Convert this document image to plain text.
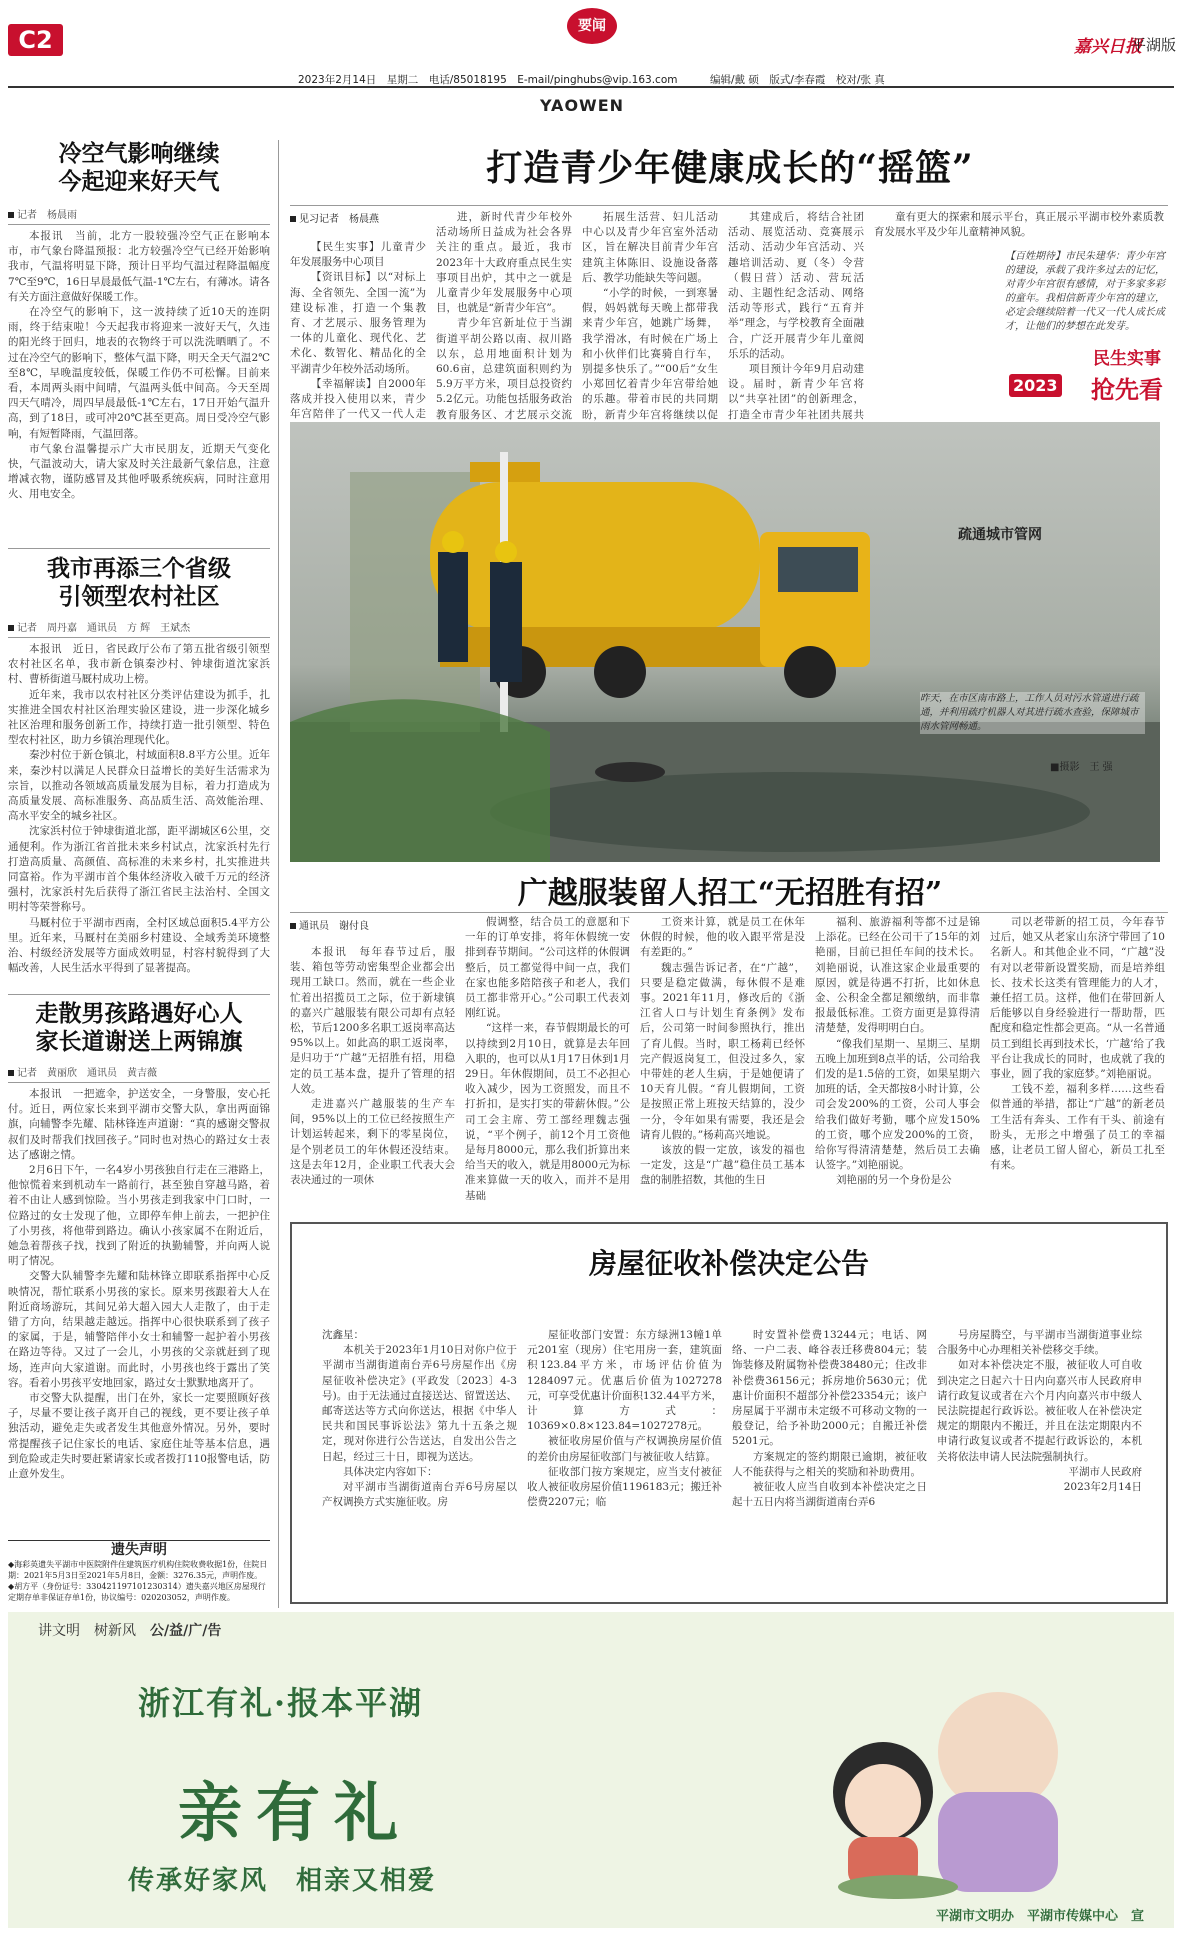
C2	要闻
嘉兴日报
平湖版
2023年2月14日　星期二　电话/85018195　E-mail/pinghubs@vip.163.com	编辑/戴 硕　版式/李春霞　校对/张 真
YAOWEN
冷空气影响继续
今起迎来好天气
记者　杨晨雨

本报讯　当前，北方一股较强冷空气正在影响本市，市气象台降温预报：北方较强冷空气已经开始影响我市，气温将明显下降，预计日平均气温过程降温幅度7℃至9℃，16日早晨最低气温-1℃左右，有薄冰。请各有关方面注意做好保暖工作。

在冷空气的影响下，这一波持续了近10天的连阴雨，终于结束啦！今天起我市将迎来一波好天气，久违的阳光终于回归，地表的衣物终于可以洗洗晒晒了。不过在冷空气的影响下，整体气温下降，明天全天气温2℃至8℃，早晚温度较低，保暖工作仍不可松懈。目前来看，本周两头雨中间晴，气温两头低中间高。今天至周四天气晴冷，周四早晨最低-1℃左右，17日开始气温升高，到了18日，或可冲20℃甚至更高。周日受冷空气影响，有短暂降雨，气温回落。

市气象台温馨提示广大市民朋友，近期天气变化快，气温波动大，请大家及时关注最新气象信息，注意增减衣物，谨防感冒及其他呼吸系统疾病，同时注意用火、用电安全。

我市再添三个省级
引领型农村社区
记者　周丹嘉　通讯员　方 辉　王斌杰

本报讯　近日，省民政厅公布了第五批省级引领型农村社区名单，我市新仓镇秦沙村、钟埭街道沈家浜村、曹桥街道马厩村成功上榜。

近年来，我市以农村社区分类评估建设为抓手，扎实推进全国农村社区治理实验区建设，进一步深化城乡社区治理和服务创新工作，持续打造一批引领型、特色型农村社区，助力乡镇治理现代化。

秦沙村位于新仓镇北，村域面积8.8平方公里。近年来，秦沙村以满足人民群众日益增长的美好生活需求为宗旨，以推动各领域高质量发展为目标，着力打造成为高质量发展、高标准服务、高品质生活、高效能治理、高水平安全的城乡社区。

沈家浜村位于钟埭街道北部，距平湖城区6公里，交通便利。作为浙江省首批未来乡村试点，沈家浜村先行打造高质量、高颜值、高标准的未来乡村，扎实推进共同富裕。作为平湖市首个集体经济收入破千万元的经济强村，沈家浜村先后获得了浙江省民主法治村、全国文明村等荣誉称号。

马厩村位于平湖市西南，全村区域总面积5.4平方公里。近年来，马厩村在美丽乡村建设、全域秀美环境整治、村级经济发展等方面成效明显，村容村貌得到了大幅改善，人民生活水平得到了显著提高。

走散男孩路遇好心人
家长道谢送上两锦旗
记者　黄丽欣　通讯员　黄吉薇

本报讯　一把遮伞，护送安全，一身警服，安心托付。近日，两位家长来到平湖市交警大队，拿出两面锦旗，向辅警李先耀、陆林锋连声道谢：“真的感谢交警叔叔们及时帮我们找回孩子。”同时也对热心的路过女士表达了感谢之情。

2月6日下午，一名4岁小男孩独自行走在三港路上，他惊慌着来到机动车一路前行，甚至独自穿越马路，着着不由让人感到惊险。当小男孩走到我家中门口时，一位路过的女士发现了他，立即停车伸上前去，一把护住了小男孩，将他带到路边。确认小孩家属不在附近后，她急着帮孩子找，找到了附近的执勤辅警，并向两人说明了情况。

交警大队辅警李先耀和陆林锋立即联系指挥中心反映情况，帮忙联系小男孩的家长。原来男孩跟着大人在附近商场游玩，其间兄弟大超入园大人走散了，由于走错了方向，结果越走越远。指挥中心很快联系到了孩子的家属，于是，辅警陪伴小女士和辅警一起护着小男孩在路边等待。又过了一会儿，小男孩的父亲就赶到了现场，连声向大家道谢。而此时，小男孩也终于露出了笑容。看着小男孩平安地回家，路过女士默默地离开了。

市交警大队提醒，出门在外，家长一定要照顾好孩子，尽量不要让孩子离开自己的视线，更不要让孩子单独活动，避免走失或者发生其他意外情况。另外，要时常提醒孩子记住家长的电话、家庭住址等基本信息，遇到危险或走失时要赶紧请家长或者拨打110报警电话，防止意外发生。

遗失声明
◆海彩英遗失平湖市中医院附件住建筑医疗机构住院收费收据1份，住院日期：2021年5月3日至2021年5月8日，金额：3276.35元，声明作废。
◆胡方平（身份证号：330421197101230314）遗失嘉兴地区房屋现行定期存单非保证存单1份，协议编号：020203052，声明作废。
打造青少年健康成长的“摇篮”
见习记者　杨晨燕

【民生实事】儿童青少年发展服务中心项目

【资讯目标】以“对标上海、全省领先、全国一流”为建设标准，打造一个集教育、才艺展示、服务管理为一体的儿童化、现代化、艺术化、数智化、精品化的全平湖青少年校外活动场所。

【幸福解读】自2000年落成并投入使用以来，青少年宫陪伴了一代又一代人走

进，新时代青少年校外活动场所日益成为社会各界关注的重点。最近，我市2023年十大政府重点民生实事项目出炉，其中之一就是儿童青少年发展服务中心项目，也就是“新青少年宫”。

青少年宫新址位于当湖街道平胡公路以南、叔川路以东，总用地面积计划为60.6亩，总建筑面积则约为5.9万平方米，项目总投资约5.2亿元。功能包括服务政治教育服务区、才艺展示交流

拓展生活营、妇儿活动中心以及青少年宫室外活动区，旨在解决目前青少年宫建筑主体陈旧、设施设备落后、教学功能缺失等问题。

“小学的时候，一到寒暑假，妈妈就每天晚上都带我来青少年宫，她跳广场舞，我学滑冰，有时候在广场上和小伙伴们比赛骑自行车，别提多快乐了。”“00后”女生小郑回忆着青少年宫带给她的乐趣。带着市民的共同期盼，新青少年宫将继续以促

其建成后，将结合社团活动、展览活动、竞赛展示活动、活动少年宫活动、兴趣培训活动、夏（冬）令营（假日营）活动、营玩活动、主题性纪念活动、网络活动等形式，践行“五育并举”理念，与学校教育全面融合，广泛开展青少年儿童阅乐乐的活动。

项目预计今年9月启动建设。届时，新青少年宫将以“共享社团”的创新理念，打造全市青少年社团共展共

童有更大的探索和展示平台，真正展示平湖市校外素质教育发展水平及少年儿童精神风貌。

【百姓期待】市民朱建华：青少年宫的建设，承载了我许多过去的记忆，对青少年宫很有感情，对于多家多彩的童年。我相信新青少年宫的建立，必定会继续陪着一代又一代人成长成才，让他们的梦想在此发芽。
民生实事
2023 抢先看
疏通城市管网
昨天，在市区南市路上，工作人员对污水管道进行疏通，并利用疏疗机器人对其进行疏水查验，保障城市雨水管网畅通。
■摄影　王 强
广越服装留人招工“无招胜有招”
通讯员　谢付良

本报讯　每年春节过后，服装、箱包等劳动密集型企业都会出现用工缺口。然而，就在一些企业忙着出招揽员工之际，位于新埭镇的嘉兴广越服装有限公司却有点轻松，节后1200多名职工返岗率高达95%以上。如此高的职工返岗率，是归功于“广越”无招胜有招，用稳定的员工基本盘，提升了管理的招人效。

走进嘉兴广越服装的生产车间，95%以上的工位已经按照生产计划运转起来，剩下的零星岗位，是个别老员工的年休假还没结束。这是去年12月，企业职工代表大会表决通过的一项休

假调整，结合员工的意愿和下一年的订单安排，将年休假统一安排到春节期间。“公司这样的休假调整后，员工都觉得中间一点，我们在家也能多陪陪孩子和老人，我们员工都非常开心。”公司职工代表刘刚红说。

“这样一来，春节假期最长的可以持续到2月10日，就算是去年回入职的，也可以从1月17日休到1月29日。年休假期间，员工不必担心收入减少，因为工资照发，而且不打折扣，是实打实的带薪休假。”公司工会主席、劳工部经理魏志强说，“平个例子，前12个月工资他是每月8000元，那么我们折算出来给当天的收入，就是用8000元为标准来算做一天的收入，而并不是用基础

工资来计算，就是员工在休年休假的时候，他的收入跟平常是没有差距的。”

魏志强告诉记者，在“广越”，只要是稳定做满，每休假不是难事。2021年11月，修改后的《浙江省人口与计划生育条例》发布后，公司第一时间参照执行，推出了育儿假。当时，职工杨莉已经怀完产假返岗复工，但没过多久，家中带娃的老人生病，于是她便请了10天育儿假。“育儿假期间，工资是按照正常上班按天结算的，没少一分，令年如果有需要，我还是会请育儿假的。”杨莉高兴地说。

该放的假一定放，该发的福也一定发，这是“广越”稳住员工基本盘的制胜招数，其他的生日

福利、旅游福利等都不过是锦上添花。已经在公司干了15年的刘艳丽，目前已担任车间的技术长。刘艳丽说，认准这家企业最重要的原因，就是待遇不打折，比如休息金、公积金全都足额缴纳，而非靠报最低标准。工资方面更是算得清清楚楚，发得明明白白。

“像我们星期一、星期三、星期五晚上加班到8点半的话，公司给我们发的是1.5倍的工资，如果星期六加班的话，全天都按8小时计算，公司会发200%的工资，公司人事会给我们做好考勤，哪个应发150%的工资，哪个应发200%的工资，给你写得清清楚楚，然后员工去确认签字。”刘艳丽说。

刘艳丽的另一个身份是公

司以老带新的招工员，今年春节过后，她又从老家山东济宁带回了10名新人。和其他企业不同，“广越”没有对以老带新设置奖励，而是培养组长、技术长这类有管理能力的人才，兼任招工员。这样，他们在带回新人后能够以自身经验进行一帮助帮，匹配度和稳定性都会更高。“从一名普通员工到组长再到技术长，‘广越’给了我平台让我成长的同时，也成就了我的事业，圆了我的家庭梦。”刘艳丽说。

工钱不差，福利多样……这些看似普通的举措，都让“广越”的新老员工生活有奔头、工作有干头、前途有盼头，无形之中增强了员工的幸福感，让老员工留人留心，新员工扎至有来。

房屋征收补偿决定公告
沈鑫星：

本机关于2023年1月10日对你户位于平湖市当湖街道南台弄6号房屋作出《房屋征收补偿决定》(平政发〔2023〕4-3号)。由于无法通过直接送达、留置送达、邮寄送达等方式向你送达，根据《中华人民共和国民事诉讼法》第九十五条之规定，现对你进行公告送达，自发出公告之日起，经过三十日，即视为送达。

具体决定内容如下：

对平湖市当湖街道南台弄6号房屋以产权调换方式实施征收。房

屋征收部门安置：东方绿洲13幢1单元201室（现房）住宅用房一套，建筑面积123.84平方米，市场评估价值为1284097元。优惠后价值为1027278元，可享受优惠计价面积132.44平方米，计算方式：10369×0.8×123.84=1027278元。

被征收房屋价值与产权调换房屋价值的差价由房屋征收部门与被征收人结算。

征收部门按方案规定，应当支付被征收人被征收房屋价值1196183元；搬迁补偿费2207元；临

时安置补偿费13244元；电话、网络、一户二表、峰谷表迁移费804元；装饰装修及附属物补偿费38480元；住改非补偿费36156元；拆房地价5630元；优惠计价面积不超部分补偿23354元；该户房屋属于平湖市未定级不可移动文物的一般登记，给予补助2000元；自搬迁补偿5201元。

方案规定的签约期限已逾期，被征收人不能获得与之相关的奖励和补助费用。

被征收人应当自收到本补偿决定之日起十五日内将当湖街道南台弄6

号房屋腾空，与平湖市当湖街道事业综合服务中心办理相关补偿移交手续。

如对本补偿决定不服，被征收人可自收到决定之日起六十日内向嘉兴市人民政府申请行政复议或者在六个月内向嘉兴市中级人民法院提起行政诉讼。被征收人在补偿决定规定的期限内不搬迁，并且在法定期限内不申请行政复议或者不提起行政诉讼的，本机关将依法申请人民法院强制执行。

平湖市人民政府
2023年2月14日
讲文明　树新风　 公/益/广/告
浙江有礼·报本平湖
亲有礼
传承好家风　相亲又相爱
平湖市文明办　平湖市传媒中心　宣
